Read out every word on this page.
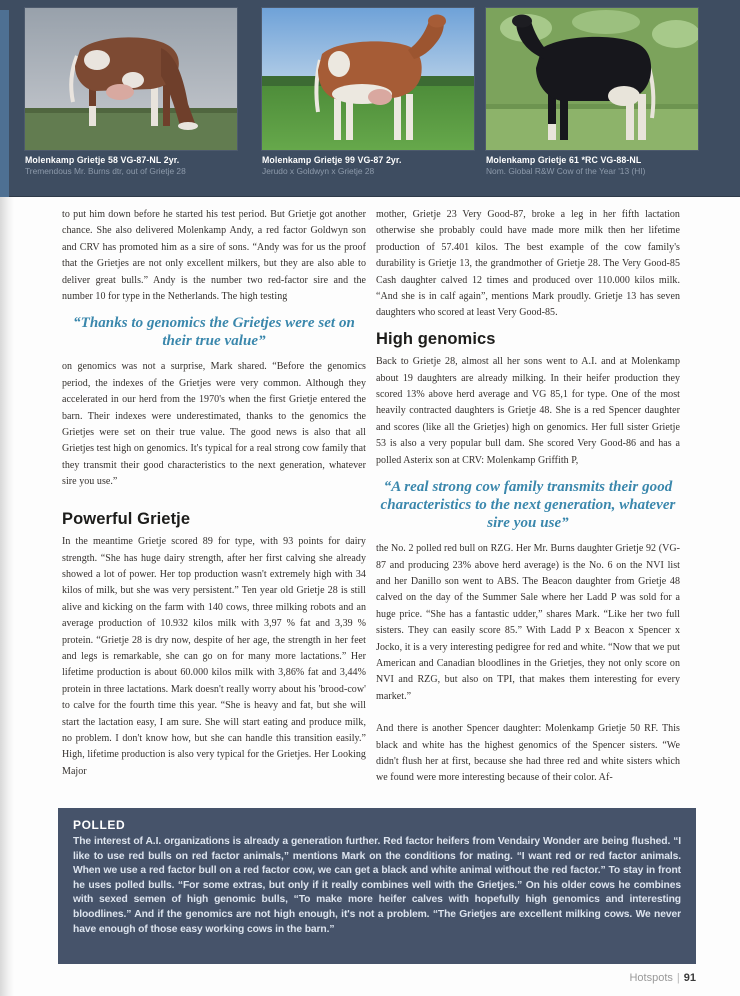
Molenkamp Grietje 58 VG-87-NL 2yr.
Tremendous Mr. Burns dtr, out of Grietje 28
Molenkamp Grietje 99 VG-87 2yr.
Jerudo x Goldwyn x Grietje 28
Molenkamp Grietje 61 *RC VG-88-NL
Nom. Global R&W Cow of the Year '13 (HI)

to put him down before he started his test period. But Grietje got another chance. She also delivered Molenkamp Andy, a red factor Goldwyn son and CRV has promoted him as a sire of sons. “Andy was for us the proof that the Grietjes are not only excellent milkers, but they are also able to deliver great bulls.” Andy is the number two red-factor sire and the number 10 for type in the Netherlands. The high testing

“Thanks to genomics the Grietjes were set on their true value”

on genomics was not a surprise, Mark shared. “Before the genomics period, the indexes of the Grietjes were very common. Although they accelerated in our herd from the 1970's when the first Grietje entered the barn. Their indexes were underestimated, thanks to the genomics the Grietjes were set on their true value. The good news is also that all Grietjes test high on genomics. It's typical for a real strong cow family that they transmit their good characteristics to the next generation, whatever sire you use.”

Powerful Grietje

In the meantime Grietje scored 89 for type, with 93 points for dairy strength. “She has huge dairy strength, after her first calving she already showed a lot of power. Her top production wasn't extremely high with 34 kilos of milk, but she was very persistent.” Ten year old Grietje 28 is still alive and kicking on the farm with 140 cows, three milking robots and an average production of 10.932 kilos milk with 3,97 % fat and 3,39 % protein. “Grietje 28 is dry now, despite of her age, the strength in her feet and legs is remarkable, she can go on for many more lactations.” Her lifetime production is about 60.000 kilos milk with 3,86% fat and 3,44% protein in three lactations. Mark doesn't really worry about his 'brood-cow' to calve for the fourth time this year. “She is heavy and fat, but she will start the lactation easy, I am sure. She will start eating and produce milk, no problem. I don't know how, but she can handle this transition easily.” High, lifetime production is also very typical for the Grietjes. Her Looking Major

mother, Grietje 23 Very Good-87, broke a leg in her fifth lactation otherwise she probably could have made more milk then her lifetime production of 57.401 kilos. The best example of the cow family's durability is Grietje 13, the grandmother of Grietje 28. The Very Good-85 Cash daughter calved 12 times and produced over 110.000 kilos milk. “And she is in calf again”, mentions Mark proudly. Grietje 13 has seven daughters who scored at least Very Good-85.

High genomics

Back to Grietje 28, almost all her sons went to A.I. and at Molenkamp about 19 daughters are already milking. In their heifer production they scored 13% above herd average and VG 85,1 for type. One of the most heavily contracted daughters is Grietje 48. She is a red Spencer daughter and scores (like all the Grietjes) high on genomics. Her full sister Grietje 53 is also a very popular bull dam. She scored Very Good-86 and has a polled Asterix son at CRV: Molenkamp Griffith P,

“A real strong cow family transmits their good characteristics to the next generation, whatever sire you use”

the No. 2 polled red bull on RZG. Her Mr. Burns daughter Grietje 92 (VG-87 and producing 23% above herd average) is the No. 6 on the NVI list and her Danillo son went to ABS. The Beacon daughter from Grietje 48 calved on the day of the Summer Sale where her Ladd P was sold for a huge price. “She has a fantastic udder,” shares Mark. “Like her two full sisters. They can easily score 85.” With Ladd P x Beacon x Spencer x Jocko, it is a very interesting pedigree for red and white. “Now that we put American and Canadian bloodlines in the Grietjes, they not only score on NVI and RZG, but also on TPI, that makes them interesting for every market.”

And there is another Spencer daughter: Molenkamp Grietje 50 RF. This black and white has the highest genomics of the Spencer sisters. “We didn't flush her at first, because she had three red and white sisters which we found were more interesting because of their color. Af-

POLLED
The interest of A.I. organizations is already a generation further. Red factor heifers from Vendairy Wonder are being flushed. “I like to use red bulls on red factor animals,” mentions Mark on the conditions for mating. “I want red or red factor animals. When we use a red factor bull on a red factor cow, we can get a black and white animal without the red factor.” To stay in front he uses polled bulls. “For some extras, but only if it really combines well with the Grietjes.” On his older cows he combines with sexed semen of high genomic bulls, “To make more heifer calves with hopefully high genomics and interesting bloodlines.” And if the genomics are not high enough, it's not a problem. “The Grietjes are excellent milking cows. We never have enough of those easy working cows in the barn.”
Hotspots | 91
